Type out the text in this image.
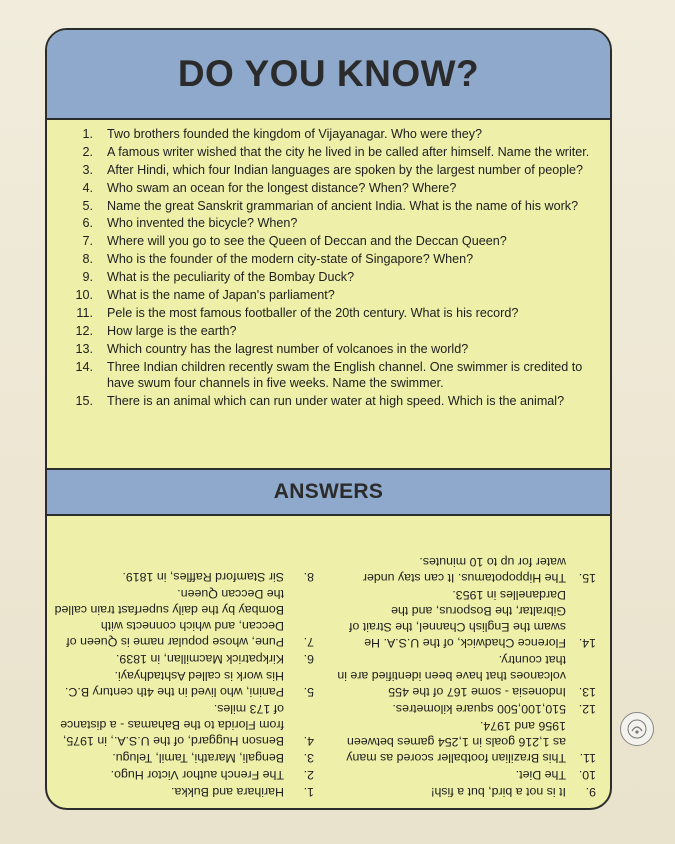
DO YOU KNOW?
1.	Two brothers founded the kingdom of Vijayanagar. Who were they?
2.	A famous writer wished that the city he lived in be called after himself. Name the writer.
3.	After Hindi, which four Indian languages are spoken by the largest number of people?
4.	Who swam an ocean for the longest distance? When? Where?
5.	Name the great Sanskrit grammarian of ancient India. What is the name of his work?
6.	Who invented the bicycle? When?
7.	Where will you go to see the Queen of Deccan and the Deccan Queen?
8.	Who is the founder of the modern city-state of Singapore? When?
9.	What is the peculiarity of the Bombay Duck?
10.	What is the name of Japan's parliament?
11.	Pele is the most famous footballer of the 20th century. What is his record?
12.	How large is the earth?
13.	Which country has the lagrest number of volcanoes in the world?
14.	Three Indian children recently swam the English channel. One swimmer is credited to have swum four channels in five weeks. Name the swimmer.
15.	There is an animal which can run under water at high speed. Which is the animal?
ANSWERS
9.
It is not a bird, but a fish!
10.
The Diet.
11.
This Brazilian footballer scored as many as 1,216 goals in 1,254 games between 1956 and 1974.
12.
510,100,500 square kilometres.
13.
Indonesia - some 167 of the 455 volcanoes that have been identified are in that country.
14.
Florence Chadwick, of the U.S.A. He swam the English Channel, the Strait of Gibraltar, the Bosporus, and the Dardanelles in 1953.
15.
The Hippopotamus. It can stay under water for up to 10 minutes.
1.
Harihara and Bukka.
2.
The French author Victor Hugo.
3.
Bengali, Marathi, Tamil, Telugu.
4.
Benson Huggard, of the U.S.A., in 1975, from Florida to the Bahamas - a distance of 173 miles.
5.
Panini, who lived in the 4th century B.C. His work is called Ashtadhyayi.
6.
Kirkpatrick Macmillan, in 1839.
7.
Pune, whose popular name is Queen of Deccan, and which connects with Bombay by the daily superfast train called the Deccan Queen.
8.
Sir Stamford Raffles, in 1819.
